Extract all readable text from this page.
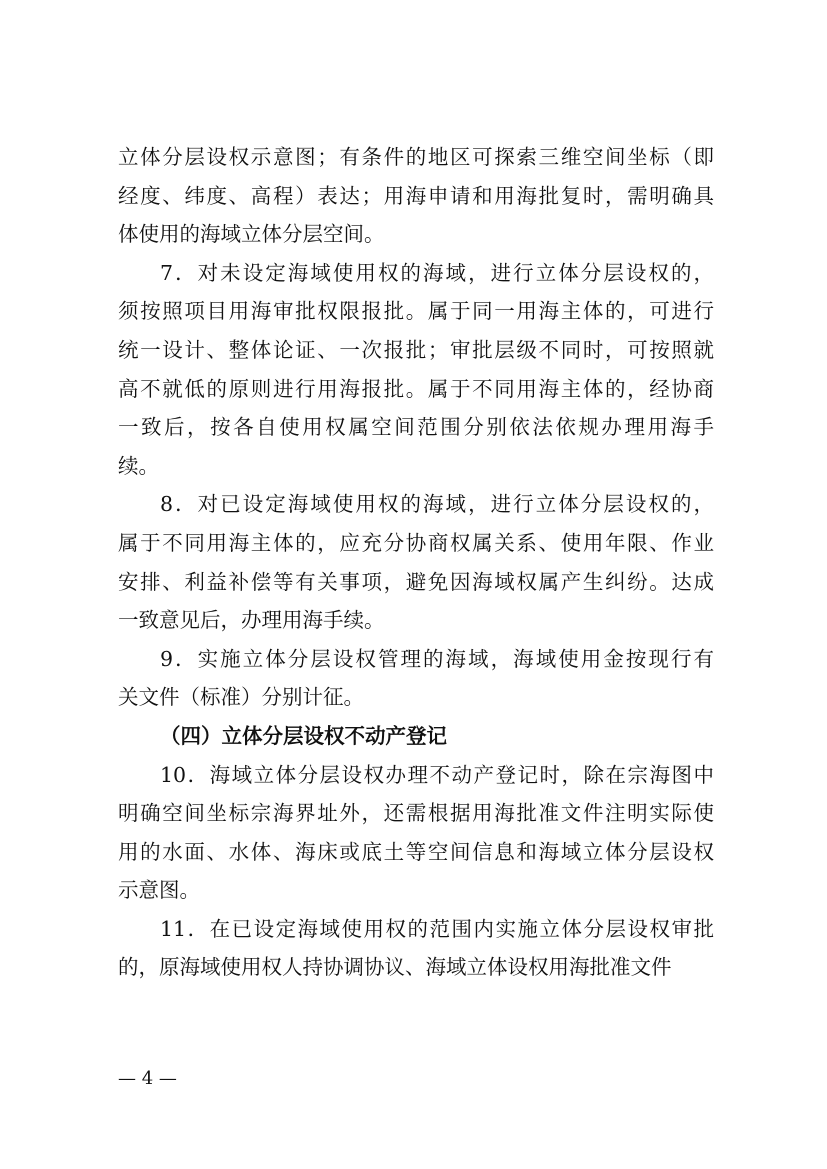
立体分层设权示意图；有条件的地区可探索三维空间坐标（即
经度、纬度、高程）表达；用海申请和用海批复时，需明确具
体使用的海域立体分层空间。
7．对未设定海域使用权的海域，进行立体分层设权的，
须按照项目用海审批权限报批。属于同一用海主体的，可进行
统一设计、整体论证、一次报批；审批层级不同时，可按照就
高不就低的原则进行用海报批。属于不同用海主体的，经协商
一致后，按各自使用权属空间范围分别依法依规办理用海手
续。
8．对已设定海域使用权的海域，进行立体分层设权的，
属于不同用海主体的，应充分协商权属关系、使用年限、作业
安排、利益补偿等有关事项，避免因海域权属产生纠纷。达成
一致意见后，办理用海手续。
9．实施立体分层设权管理的海域，海域使用金按现行有
关文件（标准）分别计征。
（四）立体分层设权不动产登记
10．海域立体分层设权办理不动产登记时，除在宗海图中
明确空间坐标宗海界址外，还需根据用海批准文件注明实际使
用的水面、水体、海床或底土等空间信息和海域立体分层设权
示意图。
11．在已设定海域使用权的范围内实施立体分层设权审批
的，原海域使用权人持协调协议、海域立体设权用海批准文件
— 4 —
